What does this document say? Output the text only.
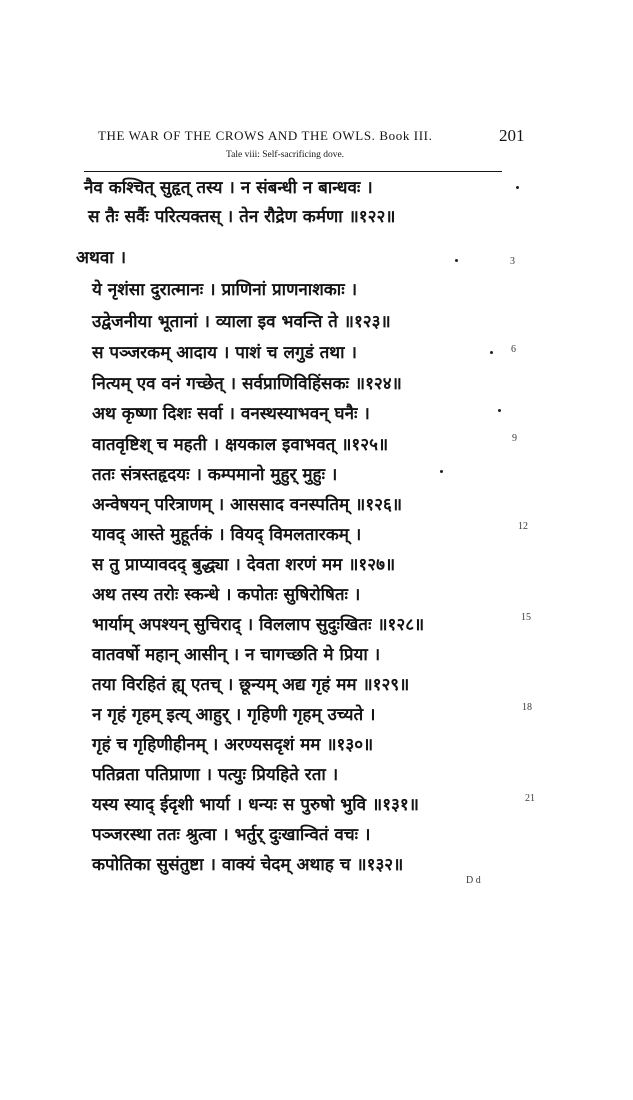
THE WAR OF THE CROWS AND THE OWLS. Book III.	201
Tale viii: Self-sacrificing dove.
नैव कश्चित् सुहृत् तस्य । न संबन्धी न बान्धवः ।
स तैः सर्वैः परित्यक्तस् । तेन रौद्रेण कर्मणा ॥१२२॥
अथवा ।
ये नृशंसा दुरात्मानः । प्राणिनां प्राणनाशकाः ।
उद्वेजनीया भूतानां । व्याला इव भवन्ति ते ॥१२३॥
स पञ्जरकम् आदाय । पाशं च लगुडं तथा ।
नित्यम् एव वनं गच्छेत् । सर्वप्राणिविहिंसकः ॥१२४॥
अथ कृष्णा दिशः सर्वा । वनस्थस्याभवन् घनैः ।
वातवृष्टिश् च महती । क्षयकाल इवाभवत् ॥१२५॥
ततः संत्रस्तहृदयः । कम्पमानो मुहुर् मुहुः ।
अन्वेषयन् परित्राणम् । आससाद वनस्पतिम् ॥१२६॥
यावद् आस्ते मुहूर्तकं । वियद् विमलतारकम् ।
स तु प्राप्यावदद् बुद्ध्या । देवता शरणं मम ॥१२७॥
अथ तस्य तरोः स्कन्धे । कपोतः सुषिरोषितः ।
भार्याम् अपश्यन् सुचिराद् । विललाप सुदुःखितः ॥१२८॥
वातवर्षो महान् आसीन् । न चागच्छति मे प्रिया ।
तया विरहितं ह्य् एतच् । छून्यम् अद्य गृहं मम ॥१२९॥
न गृहं गृहम् इत्य् आहुर् । गृहिणी गृहम् उच्यते ।
गृहं च गृहिणीहीनम् । अरण्यसदृशं मम ॥१३०॥
पतिव्रता पतिप्राणा । पत्युः प्रियहिते रता ।
यस्य स्याद् ईदृशी भार्या । धन्यः स पुरुषो भुवि ॥१३१॥
पञ्जरस्था ततः श्रुत्वा । भर्तुर् दुःखान्वितं वचः ।
कपोतिका सुसंतुष्टा । वाक्यं चेदम् अथाह च ॥१३२॥
3
6
9
12
15
18
21
D d
